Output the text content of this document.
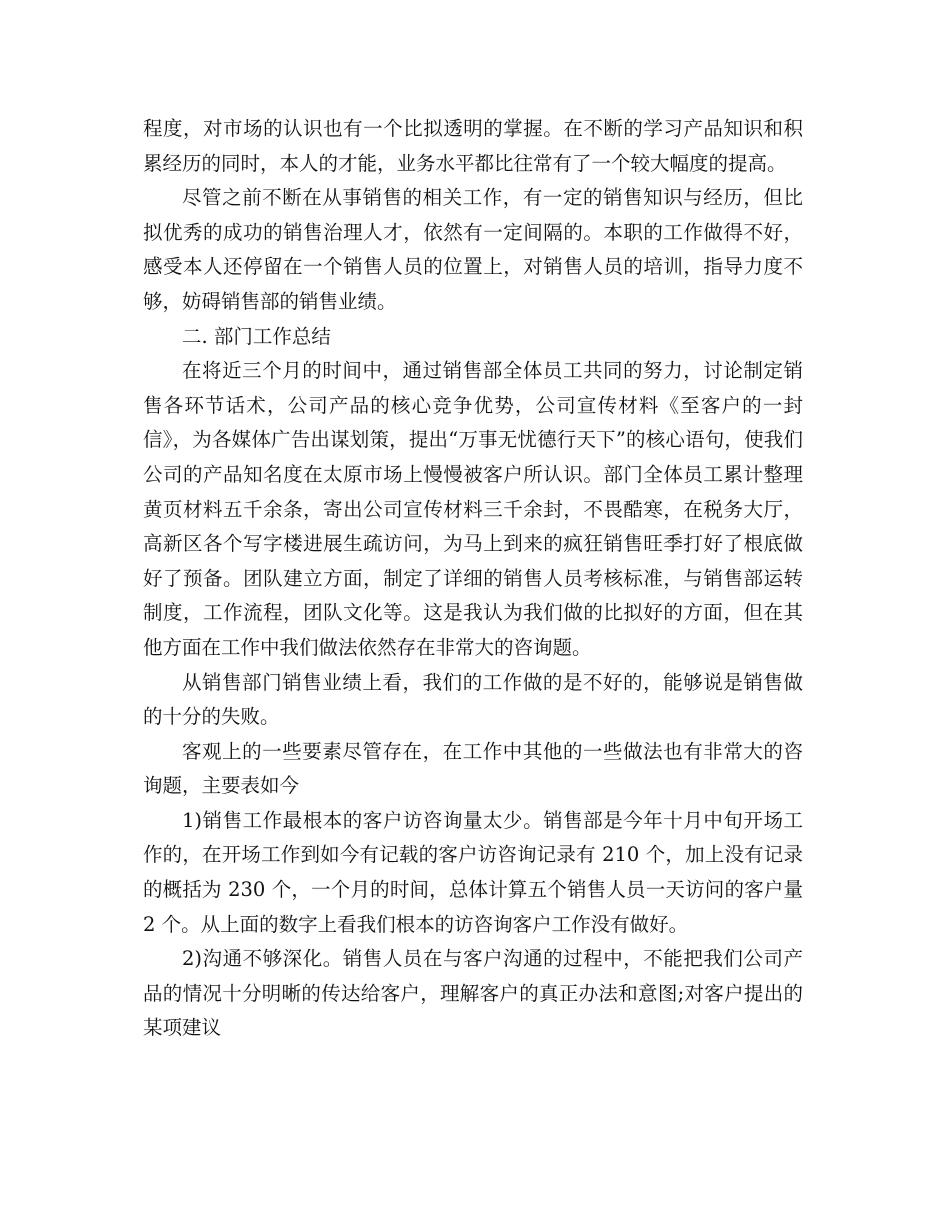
程度，对市场的认识也有一个比拟透明的掌握。在不断的学习产品知识和积累经历的同时，本人的才能，业务水平都比往常有了一个较大幅度的提高。

尽管之前不断在从事销售的相关工作，有一定的销售知识与经历，但比拟优秀的成功的销售治理人才，依然有一定间隔的。本职的工作做得不好，感受本人还停留在一个销售人员的位置上，对销售人员的培训，指导力度不够，妨碍销售部的销售业绩。

二. 部门工作总结

在将近三个月的时间中，通过销售部全体员工共同的努力，讨论制定销售各环节话术，公司产品的核心竞争优势，公司宣传材料《至客户的一封信》，为各媒体广告出谋划策，提出“万事无忧德行天下”的核心语句，使我们公司的产品知名度在太原市场上慢慢被客户所认识。部门全体员工累计整理黄页材料五千余条，寄出公司宣传材料三千余封，不畏酷寒，在税务大厅，高新区各个写字楼进展生疏访问，为马上到来的疯狂销售旺季打好了根底做好了预备。团队建立方面，制定了详细的销售人员考核标准，与销售部运转制度，工作流程，团队文化等。这是我认为我们做的比拟好的方面，但在其他方面在工作中我们做法依然存在非常大的咨询题。

从销售部门销售业绩上看，我们的工作做的是不好的，能够说是销售做的十分的失败。

客观上的一些要素尽管存在，在工作中其他的一些做法也有非常大的咨询题，主要表如今

1)销售工作最根本的客户访咨询量太少。销售部是今年十月中旬开场工作的，在开场工作到如今有记载的客户访咨询记录有 210 个，加上没有记录的概括为 230 个，一个月的时间，总体计算五个销售人员一天访问的客户量 2 个。从上面的数字上看我们根本的访咨询客户工作没有做好。

2)沟通不够深化。销售人员在与客户沟通的过程中，不能把我们公司产品的情况十分明晰的传达给客户，理解客户的真正办法和意图;对客户提出的某项建议
